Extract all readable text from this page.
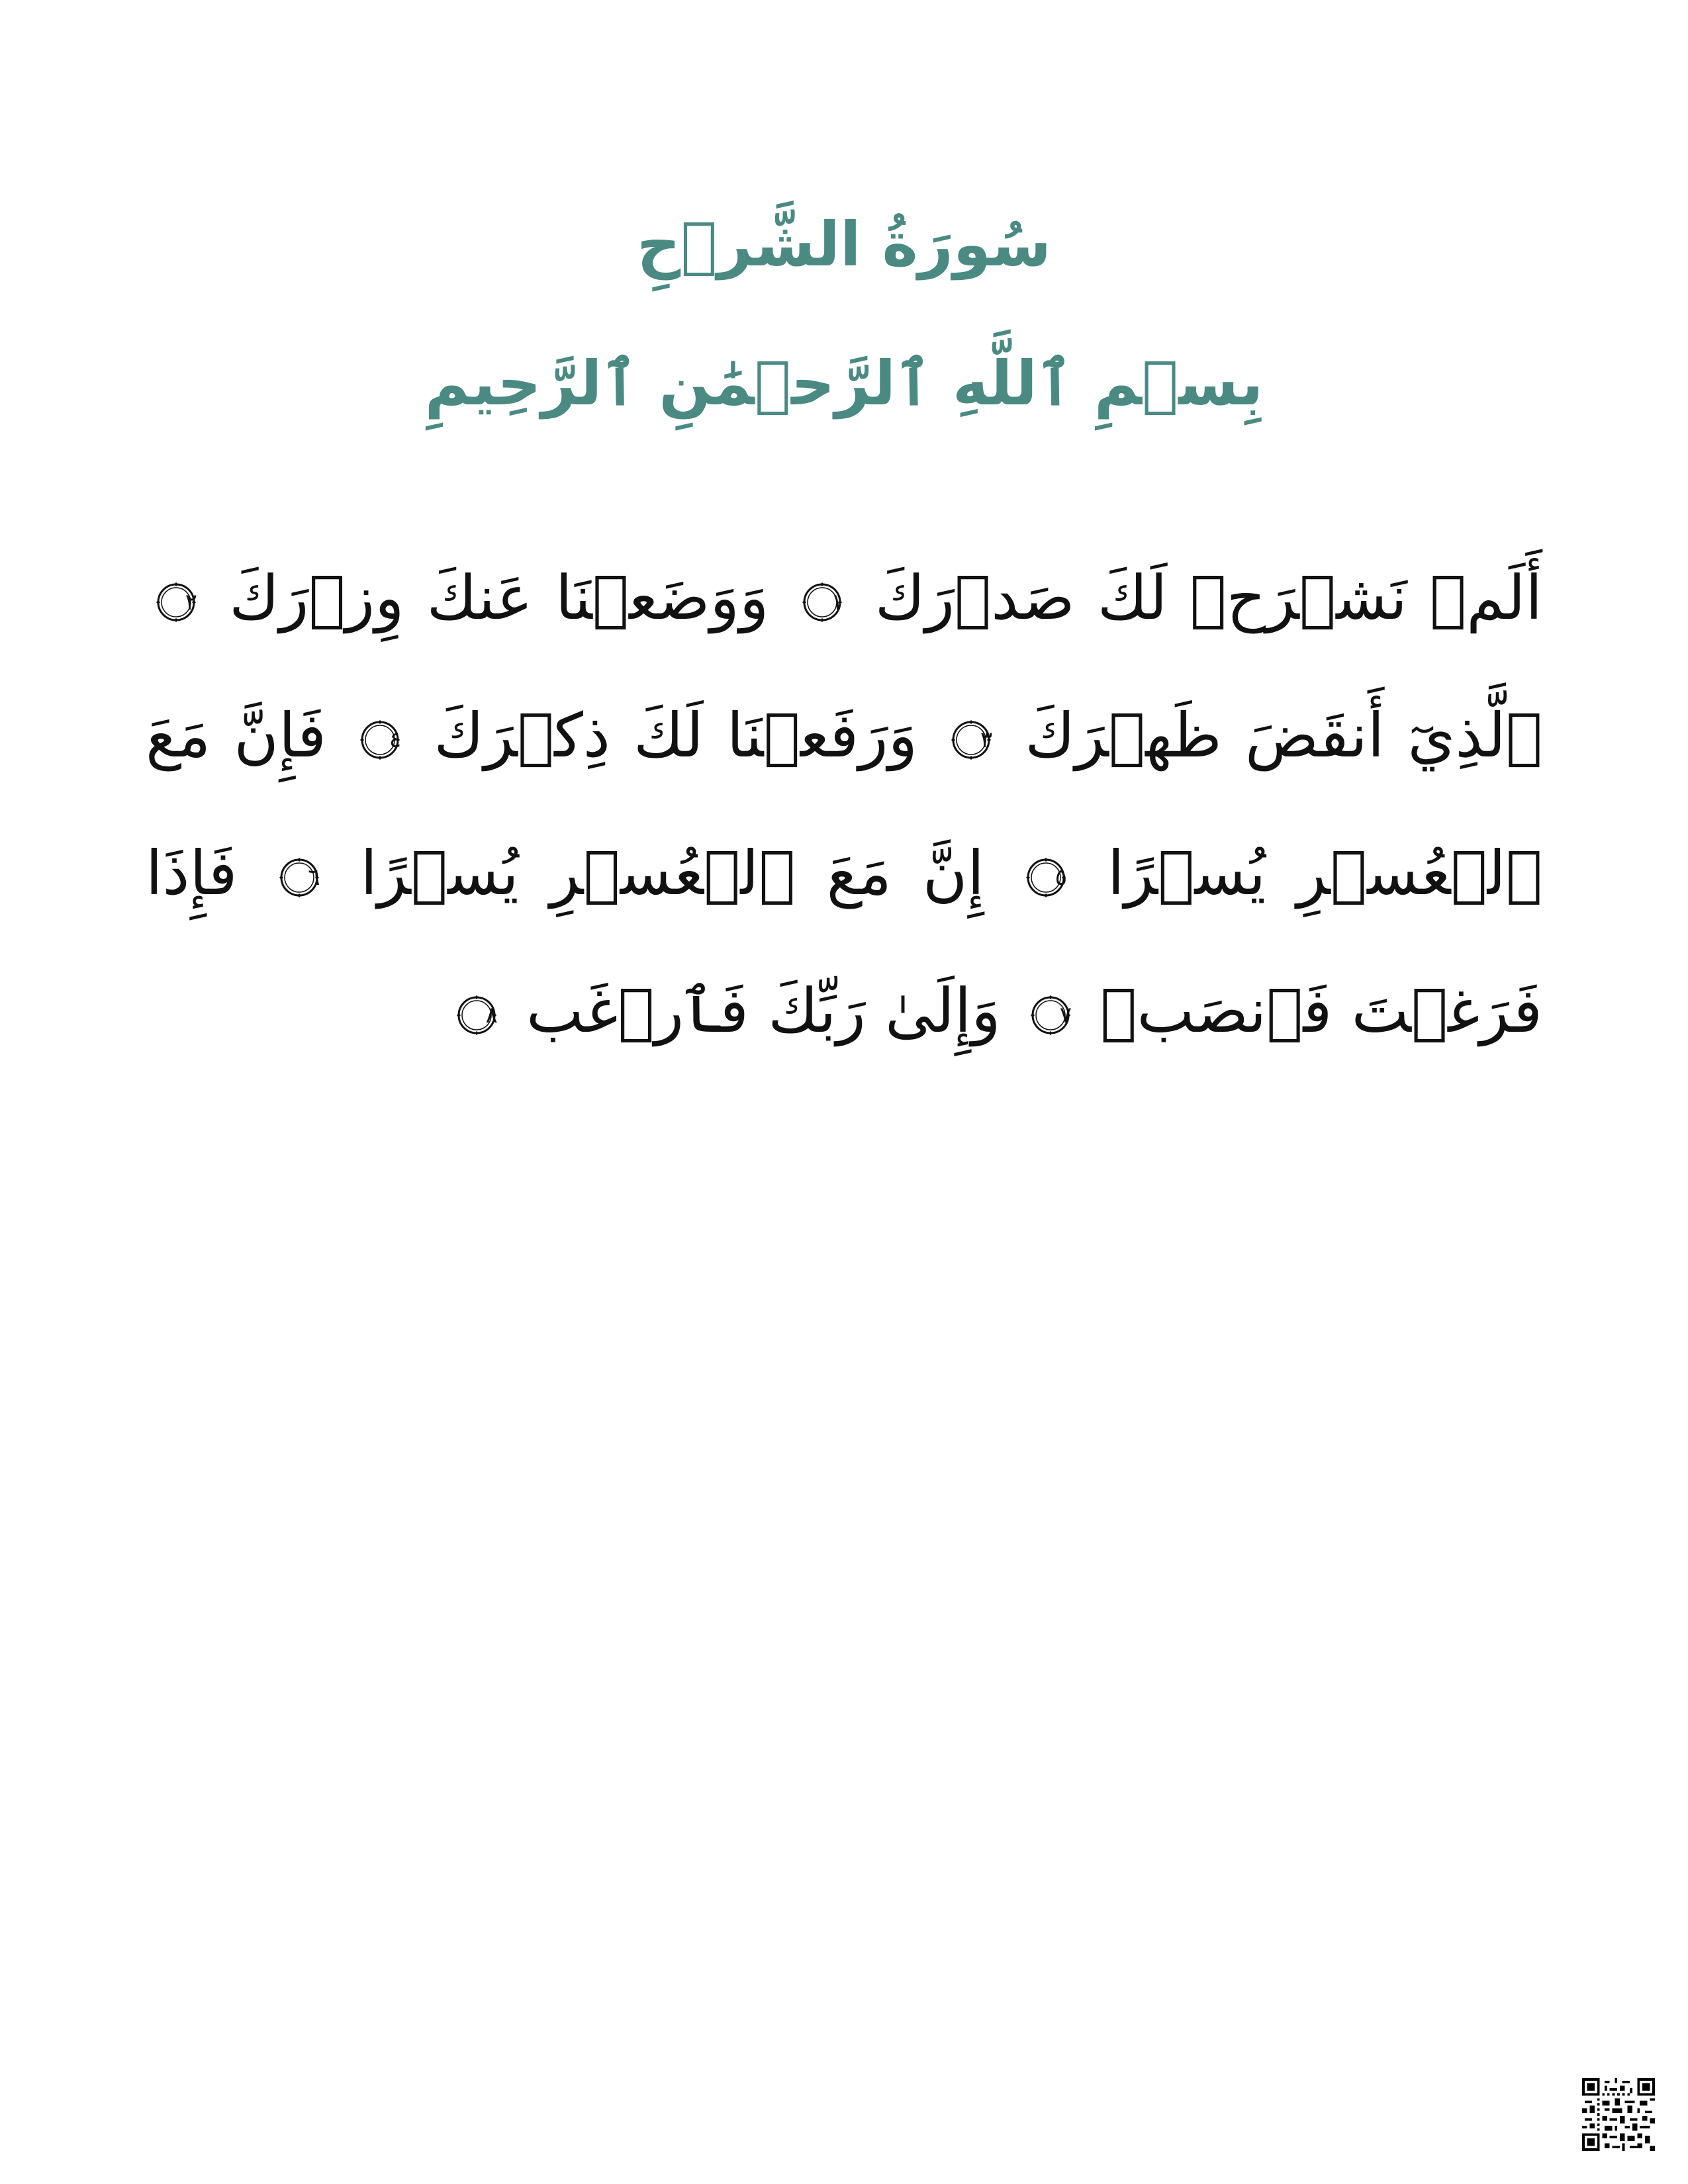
سُورَةُ الشَّرۡحِ
بِسۡمِ ٱللَّهِ ٱلرَّحۡمَٰنِ ٱلرَّحِيمِ

أَلَمۡ نَشۡرَحۡ لَكَ صَدۡرَكَ
١
وَوَضَعۡنَا عَنكَ وِزۡرَكَ
٢
ٱلَّذِيٓ أَنقَضَ ظَهۡرَكَ
٣
وَرَفَعۡنَا لَكَ ذِكۡرَكَ
٤
فَإِنَّ مَعَ ٱلۡعُسۡرِ يُسۡرًا
٥
إِنَّ مَعَ ٱلۡعُسۡرِ يُسۡرًا
٦
فَإِذَا فَرَغۡتَ فَٱنصَبۡ
٧
وَإِلَىٰ رَبِّكَ فَٱرۡغَب
٨
